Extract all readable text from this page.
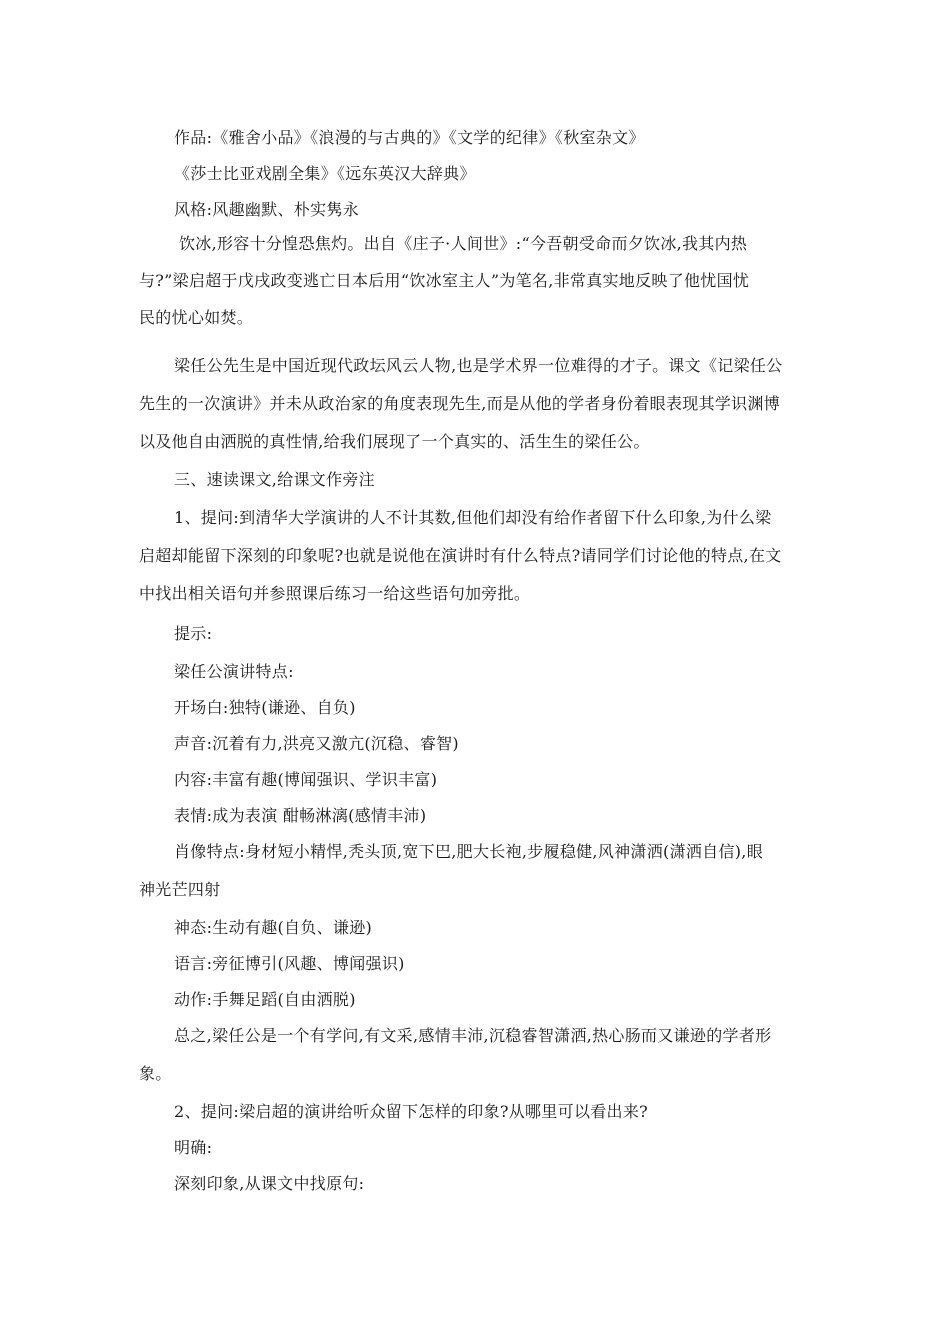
作品:《雅舍小品》《浪漫的与古典的》《文学的纪律》《秋室杂文》
《莎士比亚戏剧全集》《远东英汉大辞典》
风格:风趣幽默、朴实隽永
饮冰,形容十分惶恐焦灼。出自《庄子·人间世》:“今吾朝受命而夕饮冰,我其内热
与?”梁启超于戊戌政变逃亡日本后用“饮冰室主人”为笔名,非常真实地反映了他忧国忧
民的忧心如焚。
梁任公先生是中国近现代政坛风云人物,也是学术界一位难得的才子。课文《记梁任公
先生的一次演讲》并未从政治家的角度表现先生,而是从他的学者身份着眼表现其学识渊博
以及他自由洒脱的真性情,给我们展现了一个真实的、活生生的梁任公。
三、速读课文,给课文作旁注
1、提问:到清华大学演讲的人不计其数,但他们却没有给作者留下什么印象,为什么梁
启超却能留下深刻的印象呢?也就是说他在演讲时有什么特点?请同学们讨论他的特点,在文
中找出相关语句并参照课后练习一给这些语句加旁批。
提示:
梁任公演讲特点:
开场白:独特(谦逊、自负)
声音:沉着有力,洪亮又激亢(沉稳、睿智)
内容:丰富有趣(博闻强识、学识丰富)
表情:成为表演 酣畅淋漓(感情丰沛)
肖像特点:身材短小精悍,秃头顶,宽下巴,肥大长袍,步履稳健,风神潇洒(潇洒自信),眼
神光芒四射
神态:生动有趣(自负、谦逊)
语言:旁征博引(风趣、博闻强识)
动作:手舞足蹈(自由洒脱)
总之,梁任公是一个有学问,有文采,感情丰沛,沉稳睿智潇洒,热心肠而又谦逊的学者形
象。
2、提问:梁启超的演讲给听众留下怎样的印象?从哪里可以看出来?
明确:
深刻印象,从课文中找原句:
